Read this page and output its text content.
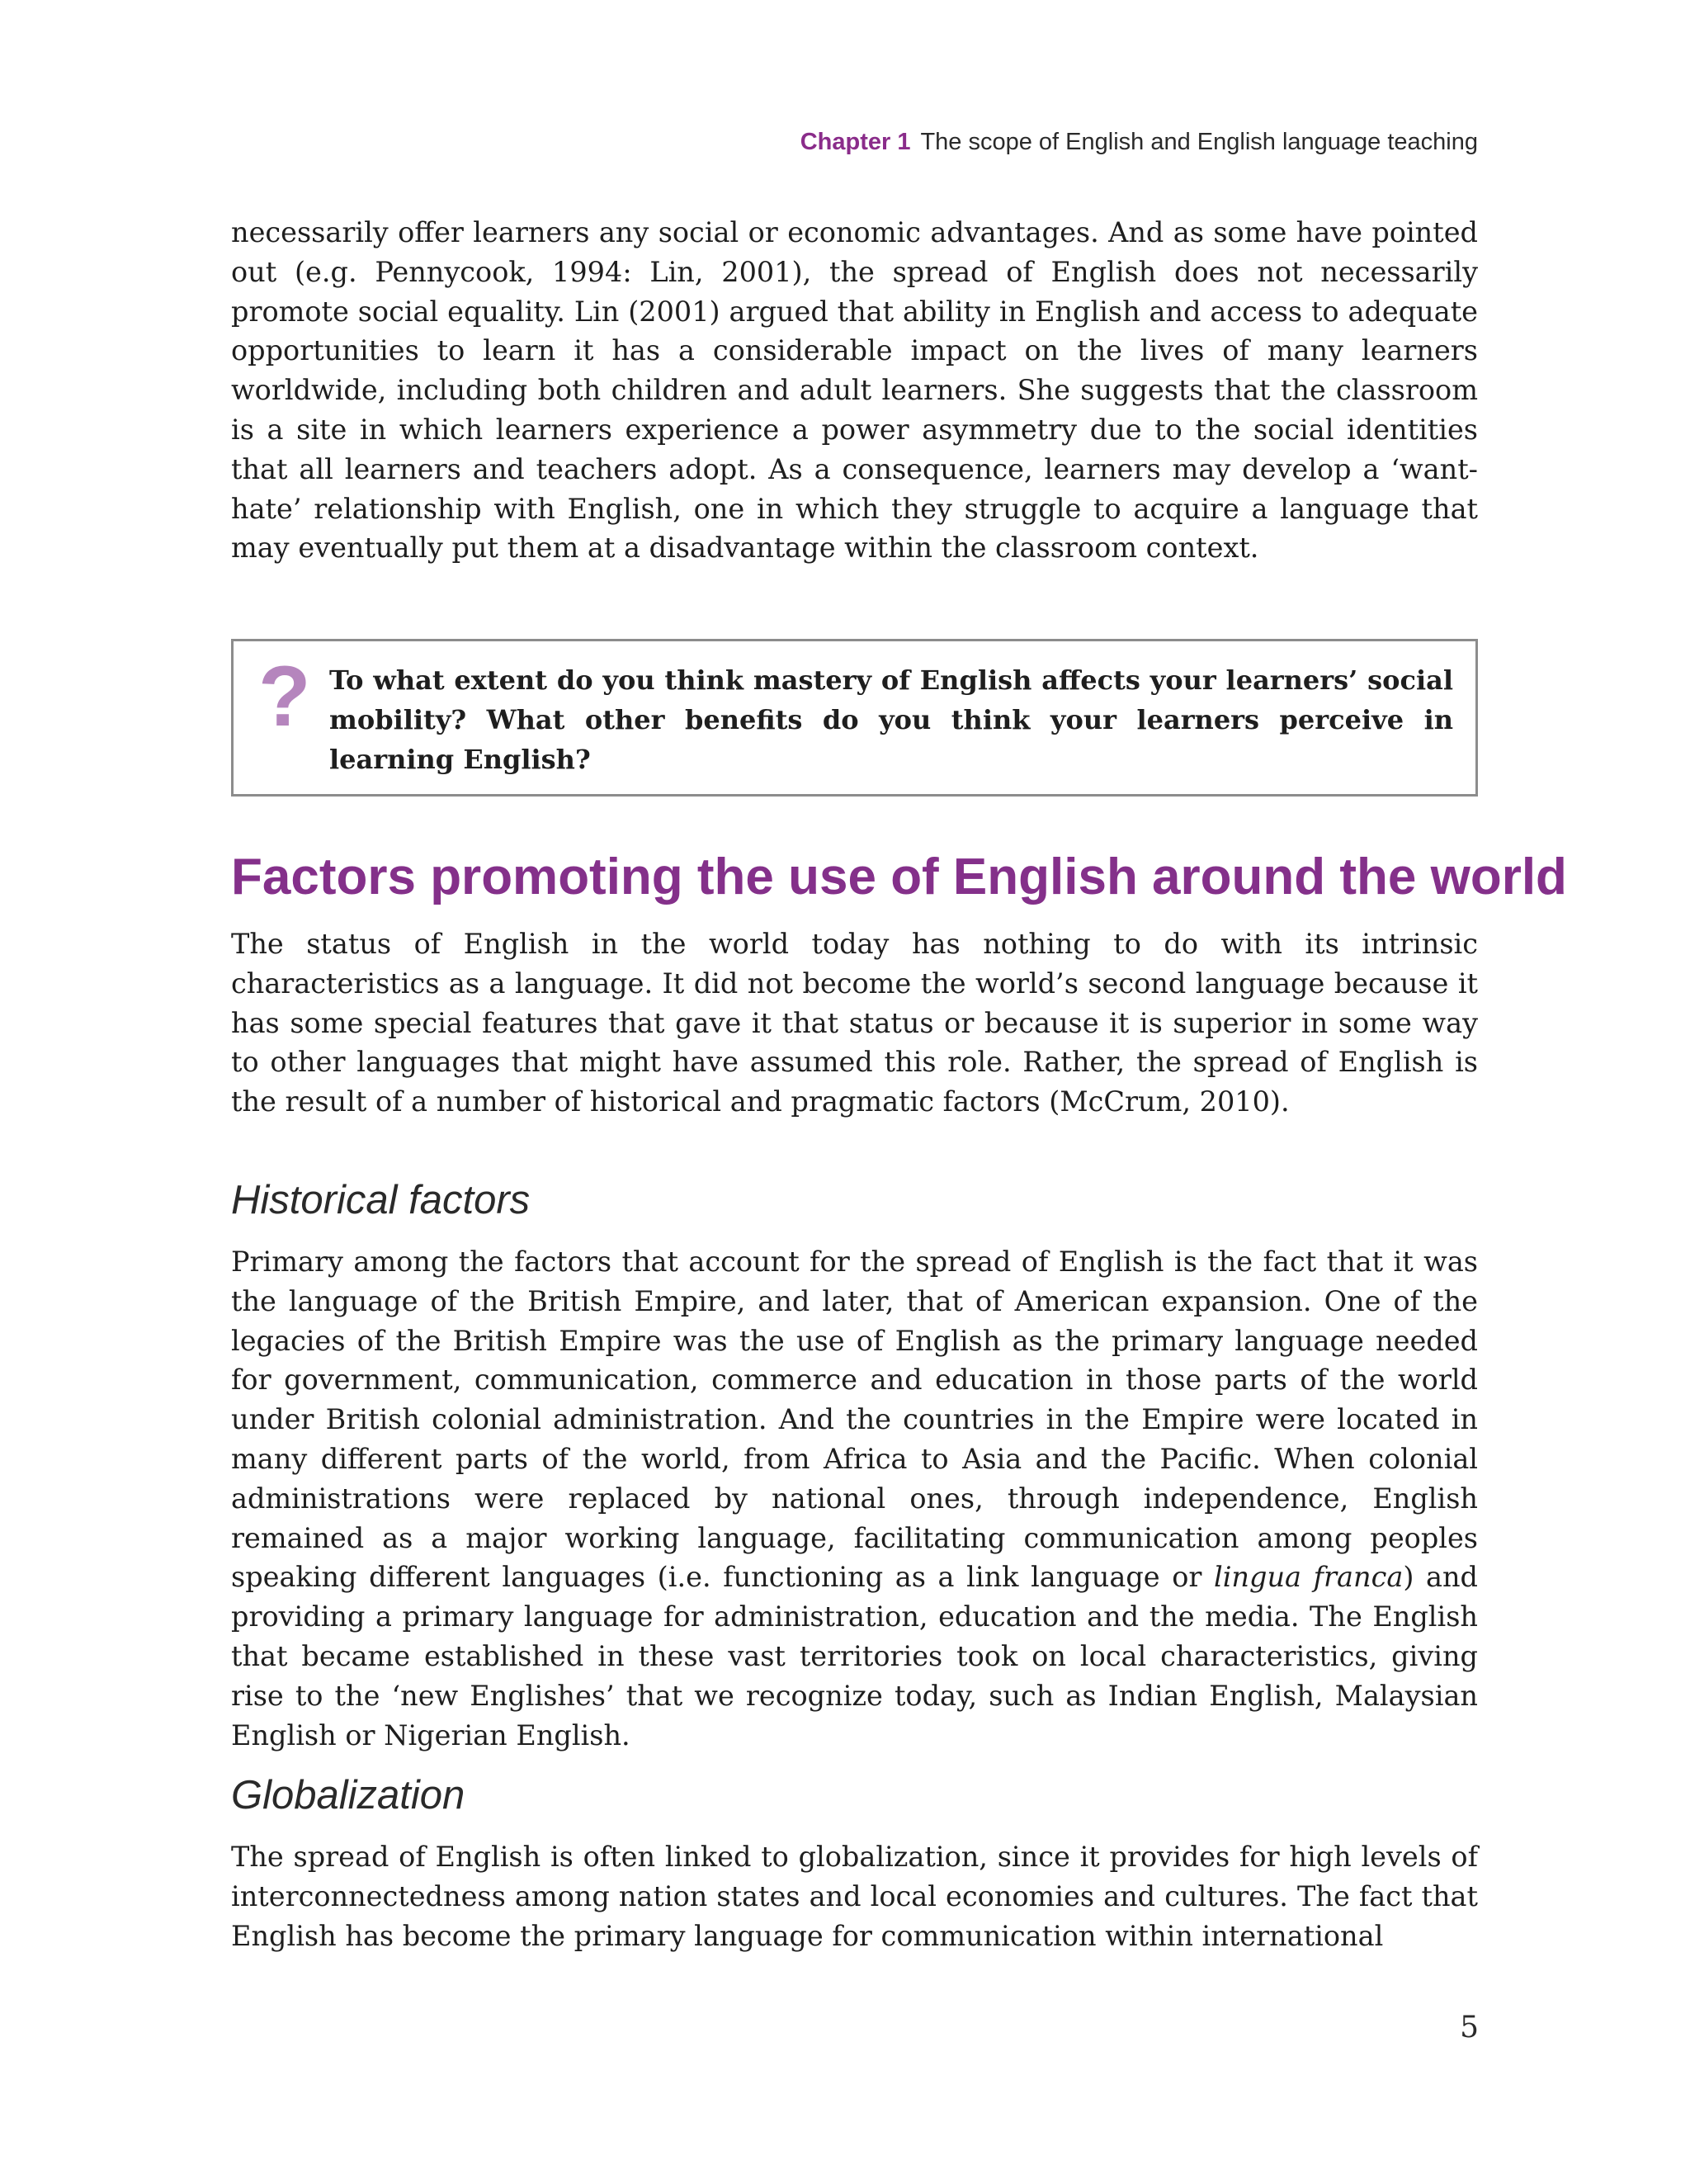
Chapter 1 The scope of English and English language teaching

necessarily offer learners any social or economic advantages. And as some have pointed out (e.g. Pennycook, 1994: Lin, 2001), the spread of English does not necessarily promote social equality. Lin (2001) argued that ability in English and access to adequate opportunities to learn it has a considerable impact on the lives of many learners worldwide, including both children and adult learners. She suggests that the classroom is a site in which learners experience a power asymmetry due to the social identities that all learners and teachers adopt. As a consequence, learners may develop a ‘want-hate’ relationship with English, one in which they struggle to acquire a language that may eventually put them at a disadvantage within the classroom context.

? To what extent do you think mastery of English affects your learners’ social mobility? What other benefits do you think your learners perceive in learning English?

Factors promoting the use of English around the world

The status of English in the world today has nothing to do with its intrinsic characteristics as a language. It did not become the world’s second language because it has some special features that gave it that status or because it is superior in some way to other languages that might have assumed this role. Rather, the spread of English is the result of a number of historical and pragmatic factors (McCrum, 2010).

Historical factors

Primary among the factors that account for the spread of English is the fact that it was the language of the British Empire, and later, that of American expansion. One of the legacies of the British Empire was the use of English as the primary language needed for government, communication, commerce and education in those parts of the world under British colonial administration. And the countries in the Empire were located in many different parts of the world, from Africa to Asia and the Pacific. When colonial administrations were replaced by national ones, through independence, English remained as a major working language, facilitating communication among peoples speaking different languages (i.e. functioning as a link language or lingua franca) and providing a primary language for administration, education and the media. The English that became established in these vast territories took on local characteristics, giving rise to the ‘new Englishes’ that we recognize today, such as Indian English, Malaysian English or Nigerian English.

Globalization

The spread of English is often linked to globalization, since it provides for high levels of interconnectedness among nation states and local economies and cultures. The fact that English has become the primary language for communication within international

5
